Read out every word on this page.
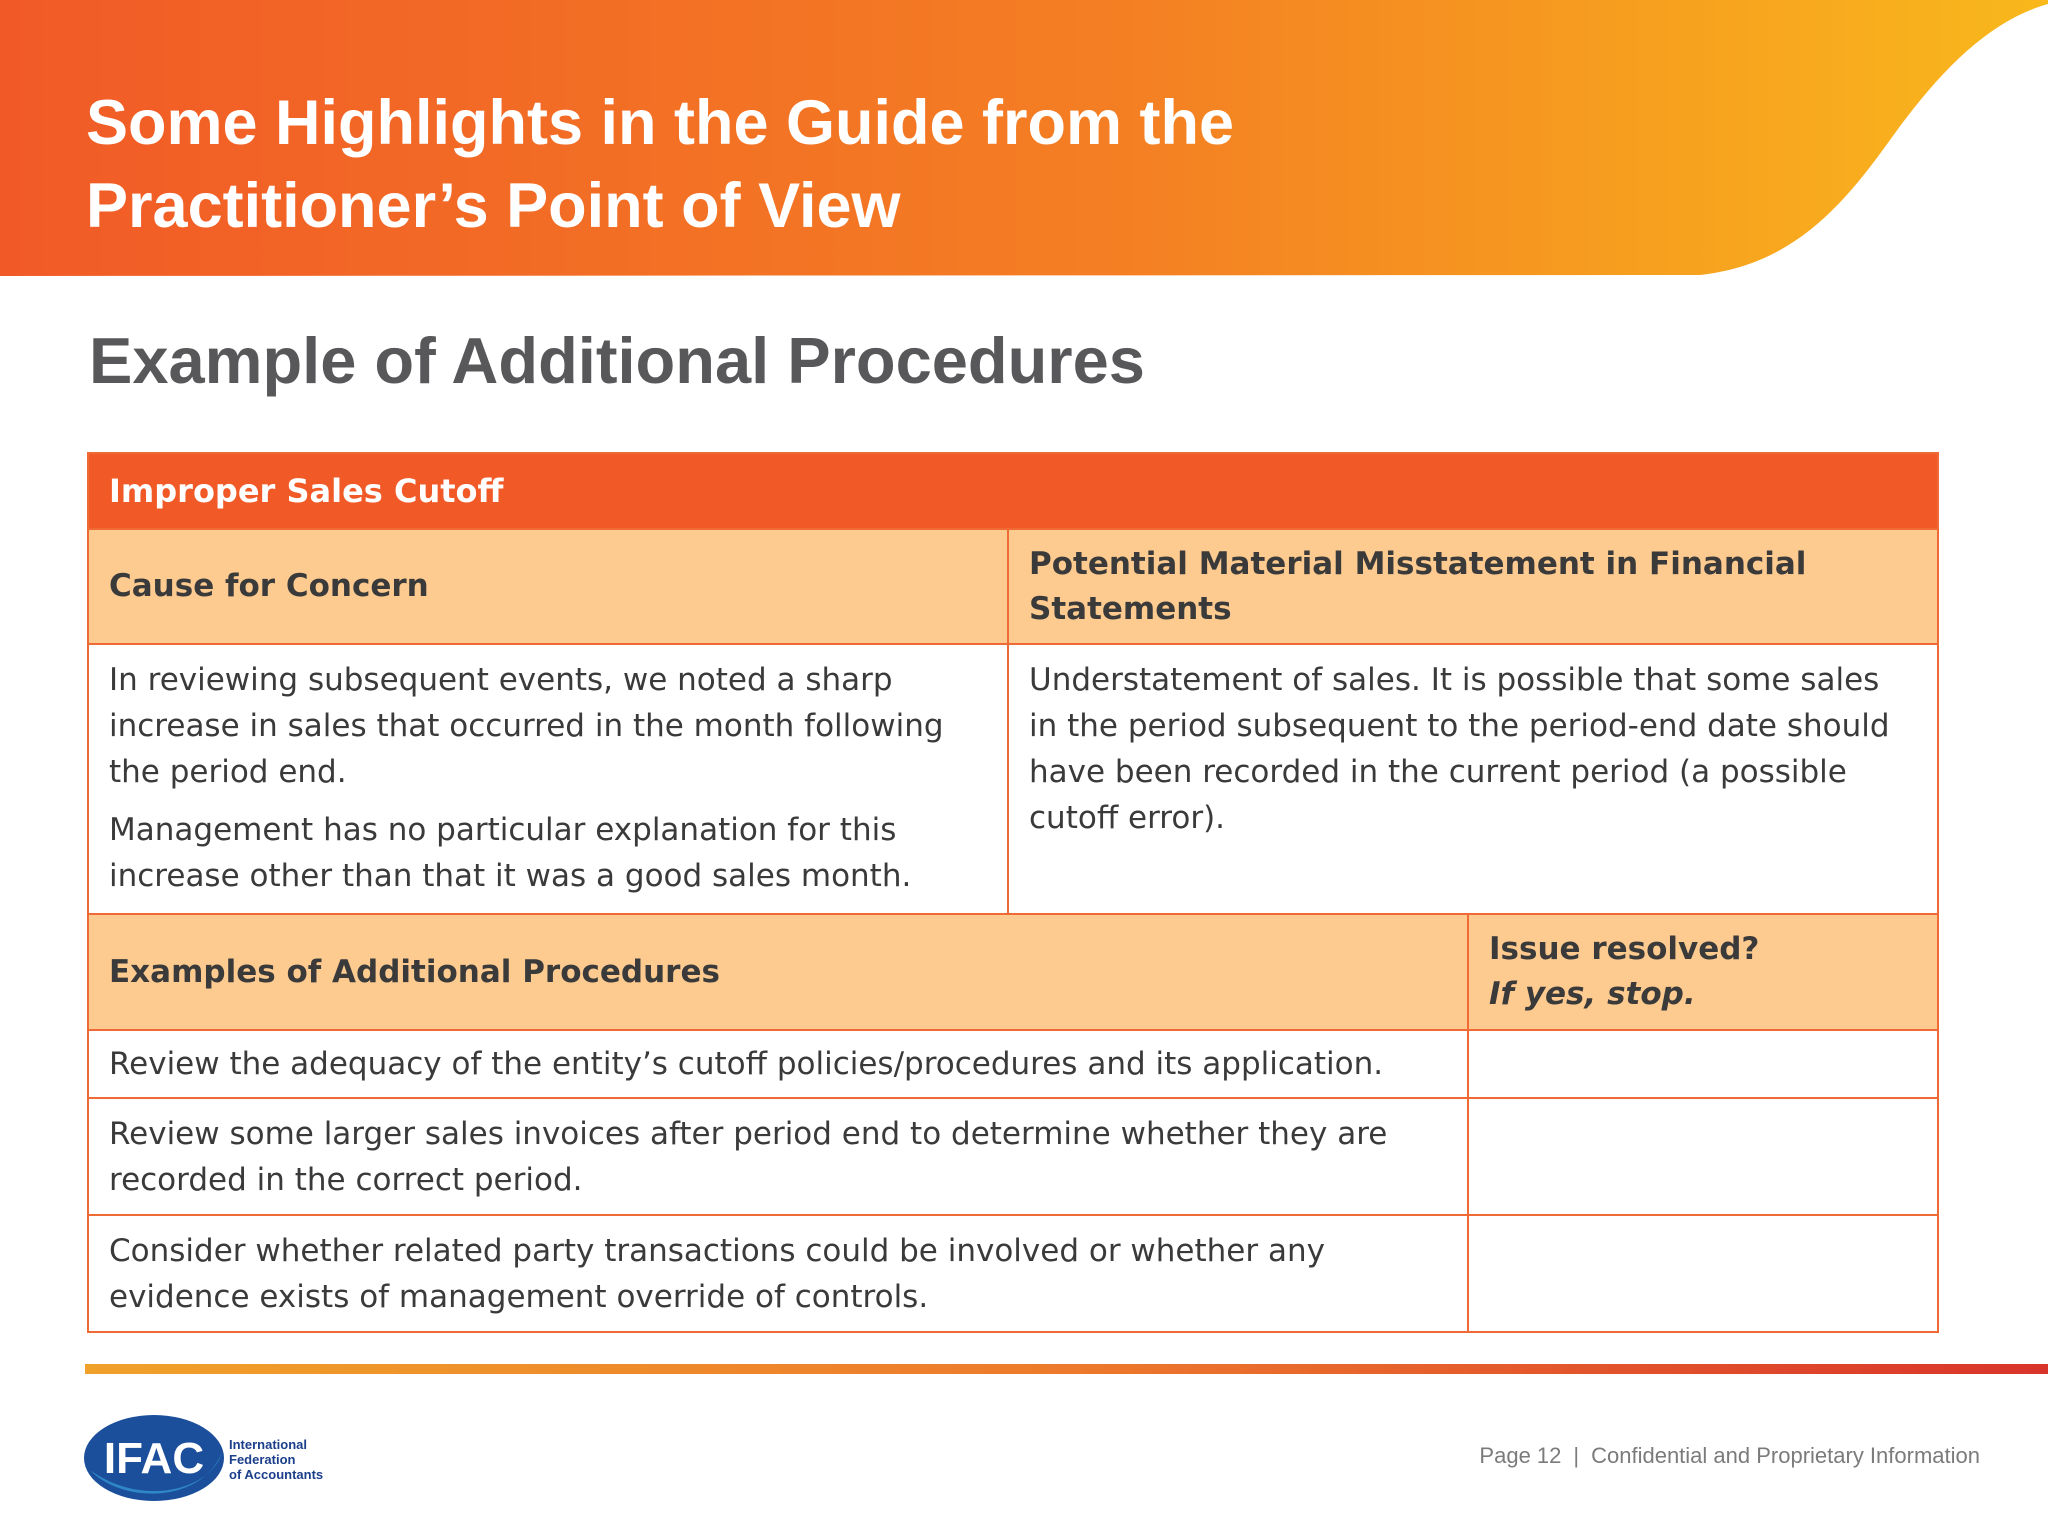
Some Highlights in the Guide from the
Practitioner’s Point of View
Example of Additional Procedures
Improper Sales Cutoff		
Cause for Concern	Potential Material Misstatement in Financial
Statements	

In reviewing subsequent events, we noted a sharp increase in sales that occurred in the month following the period end.

Management has no particular explanation for this increase other than that it was a good sales month.	Understatement of sales. It is possible that some sales in the period subsequent to the period-end date should have been recorded in the current period (a possible cutoff error).	
Examples of Additional Procedures		Issue resolved?
If yes, stop.

Review the adequacy of the entity’s cutoff policies/procedures and its application.		
Review some larger sales invoices after period end to determine whether they are recorded in the correct period.		
Consider whether related party transactions could be involved or whether any evidence exists of management override of controls.		
IFAC International
Federation
of Accountants
Page 12 | Confidential and Proprietary Information
